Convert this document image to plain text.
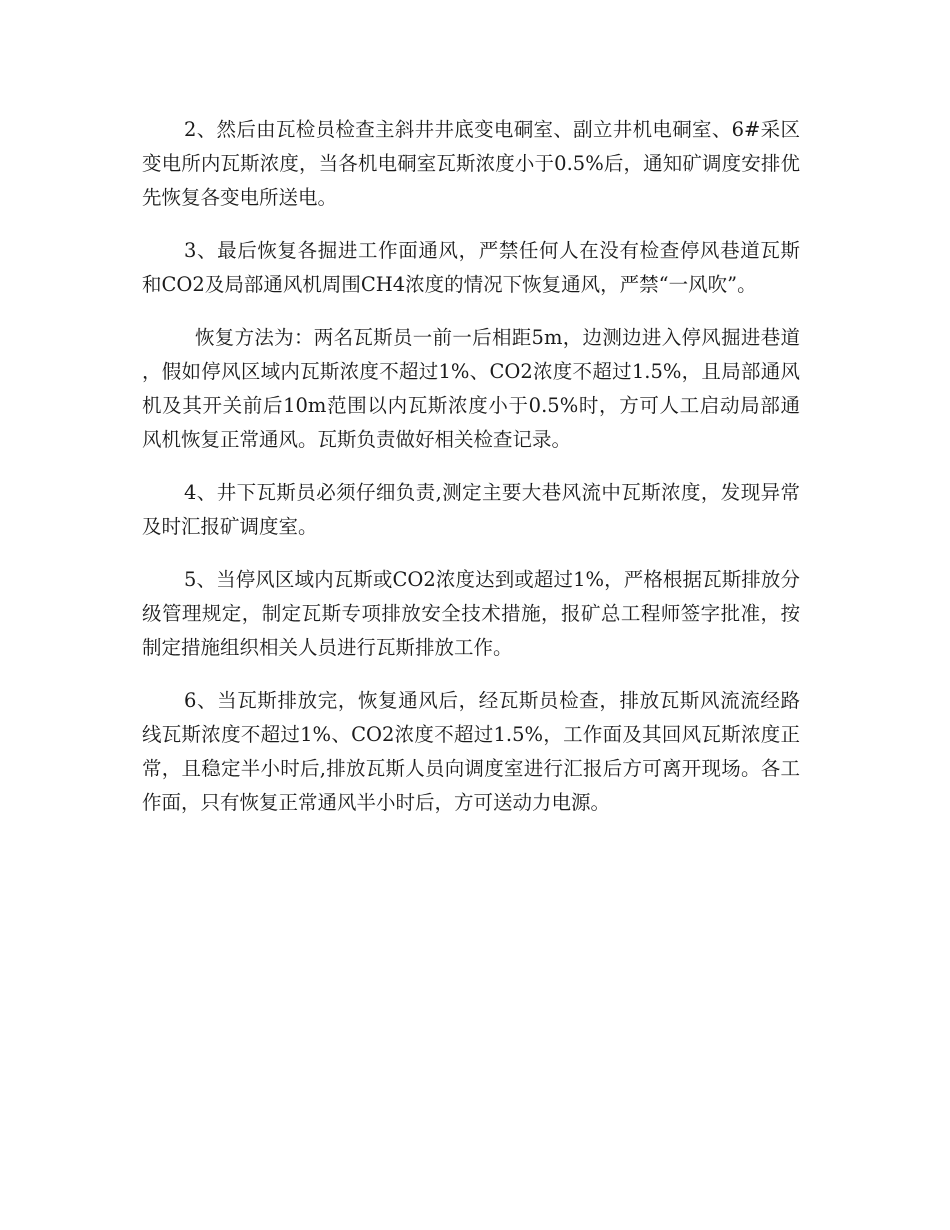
2、然后由瓦检员检查主斜井井底变电硐室、副立井机电硐室、6#采区变电所内瓦斯浓度，当各机电硐室瓦斯浓度小于0.5%后，通知矿调度安排优先恢复各变电所送电。

3、最后恢复各掘进工作面通风，严禁任何人在没有检查停风巷道瓦斯和CO2及局部通风机周围CH4浓度的情况下恢复通风，严禁“一风吹”。

恢复方法为：两名瓦斯员一前一后相距5m，边测边进入停风掘进巷道，假如停风区域内瓦斯浓度不超过1%、CO2浓度不超过1.5%，且局部通风机及其开关前后10m范围以内瓦斯浓度小于0.5%时，方可人工启动局部通风机恢复正常通风。瓦斯负责做好相关检查记录。

4、井下瓦斯员必须仔细负责,测定主要大巷风流中瓦斯浓度，发现异常及时汇报矿调度室。

5、当停风区域内瓦斯或CO2浓度达到或超过1%，严格根据瓦斯排放分级管理规定，制定瓦斯专项排放安全技术措施，报矿总工程师签字批准，按制定措施组织相关人员进行瓦斯排放工作。

6、当瓦斯排放完，恢复通风后，经瓦斯员检查，排放瓦斯风流流经路线瓦斯浓度不超过1%、CO2浓度不超过1.5%，工作面及其回风瓦斯浓度正常，且稳定半小时后,排放瓦斯人员向调度室进行汇报后方可离开现场。各工作面，只有恢复正常通风半小时后，方可送动力电源。
